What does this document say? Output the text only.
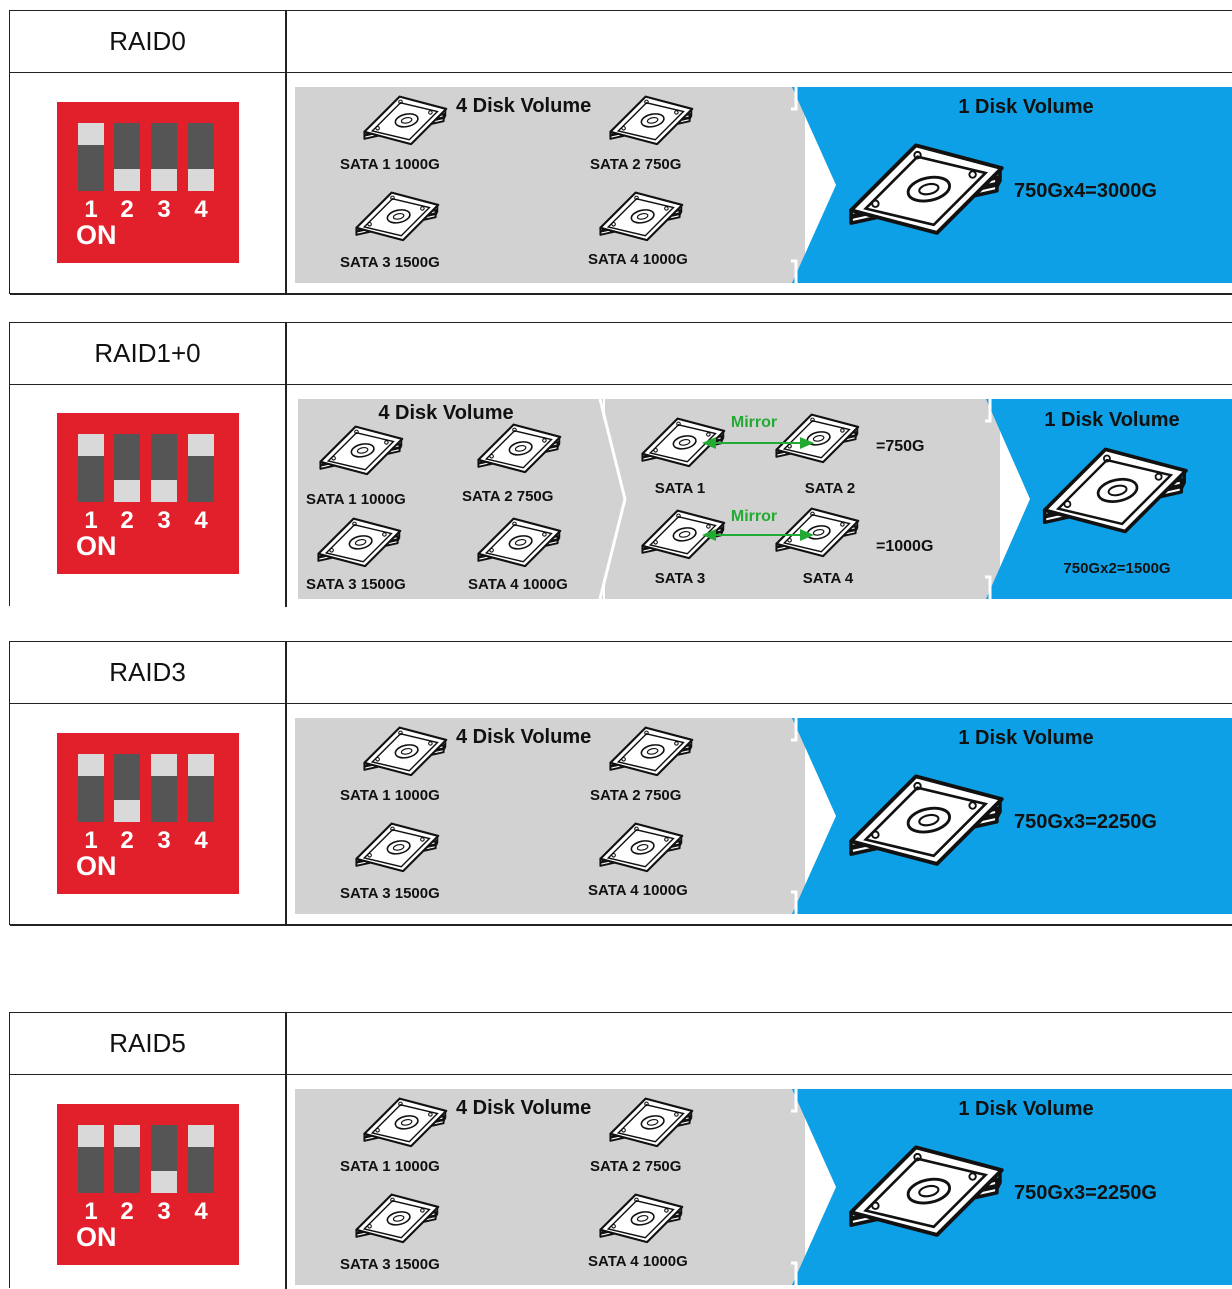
RAID0
1 2 3 4
ON
4 Disk Volume
SATA 1 1000G	SATA 2 750G
SATA 3 1500G	SATA 4 1000G
1 Disk Volume
750Gx4=3000G
RAID1+0
1 2 3 4
ON
4 Disk Volume
SATA 1 1000G	SATA 2 750G
SATA 3 1500G	SATA 4 1000G
SATA 1	SATA 2
SATA 3	SATA 4
Mirror
Mirror
=750G
=1000G
1 Disk Volume
750Gx2=1500G
RAID3
1 2 3 4
ON
4 Disk Volume
SATA 1 1000G	SATA 2 750G
SATA 3 1500G	SATA 4 1000G
1 Disk Volume
750Gx3=2250G
RAID5
1 2 3 4
ON
4 Disk Volume
SATA 1 1000G	SATA 2 750G
SATA 3 1500G	SATA 4 1000G
1 Disk Volume
750Gx3=2250G
